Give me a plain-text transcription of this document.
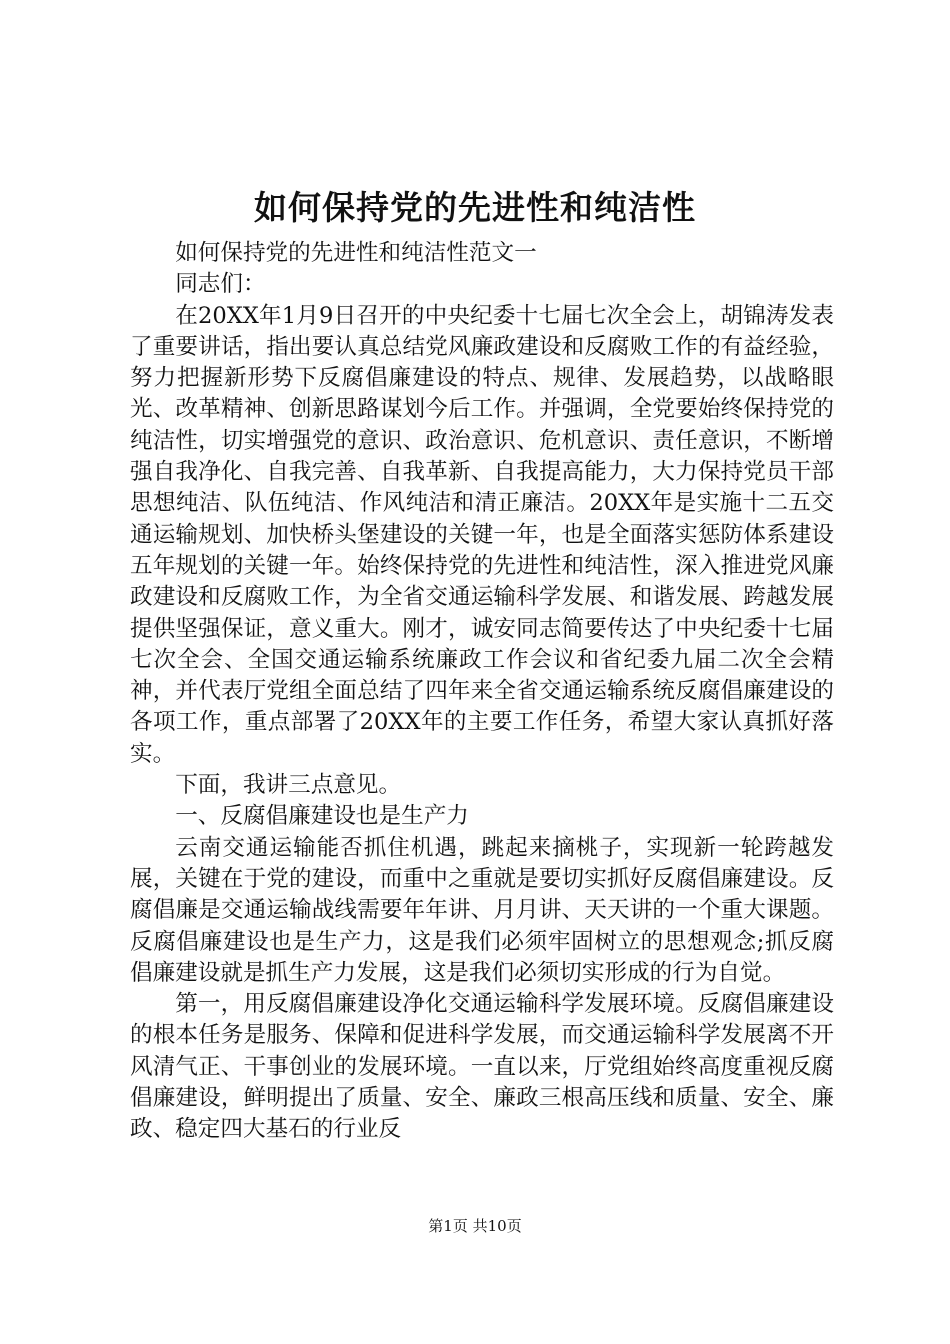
如何保持党的先进性和纯洁性

如何保持党的先进性和纯洁性范文一

同志们：

在20XX年1月9日召开的中央纪委十七届七次全会上，胡锦涛发表了重要讲话，指出要认真总结党风廉政建设和反腐败工作的有益经验，努力把握新形势下反腐倡廉建设的特点、规律、发展趋势，以战略眼光、改革精神、创新思路谋划今后工作。并强调，全党要始终保持党的纯洁性，切实增强党的意识、政治意识、危机意识、责任意识，不断增强自我净化、自我完善、自我革新、自我提高能力，大力保持党员干部思想纯洁、队伍纯洁、作风纯洁和清正廉洁。20XX年是实施十二五交通运输规划、加快桥头堡建设的关键一年，也是全面落实惩防体系建设五年规划的关键一年。始终保持党的先进性和纯洁性，深入推进党风廉政建设和反腐败工作，为全省交通运输科学发展、和谐发展、跨越发展提供坚强保证，意义重大。刚才，诚安同志简要传达了中央纪委十七届七次全会、全国交通运输系统廉政工作会议和省纪委九届二次全会精神，并代表厅党组全面总结了四年来全省交通运输系统反腐倡廉建设的各项工作，重点部署了20XX年的主要工作任务，希望大家认真抓好落实。

下面，我讲三点意见。

一、反腐倡廉建设也是生产力

云南交通运输能否抓住机遇，跳起来摘桃子，实现新一轮跨越发展，关键在于党的建设，而重中之重就是要切实抓好反腐倡廉建设。反腐倡廉是交通运输战线需要年年讲、月月讲、天天讲的一个重大课题。反腐倡廉建设也是生产力，这是我们必须牢固树立的思想观念;抓反腐倡廉建设就是抓生产力发展，这是我们必须切实形成的行为自觉。

第一，用反腐倡廉建设净化交通运输科学发展环境。反腐倡廉建设的根本任务是服务、保障和促进科学发展，而交通运输科学发展离不开风清气正、干事创业的发展环境。一直以来，厅党组始终高度重视反腐倡廉建设，鲜明提出了质量、安全、廉政三根高压线和质量、安全、廉政、稳定四大基石的行业反

第1页 共10页
